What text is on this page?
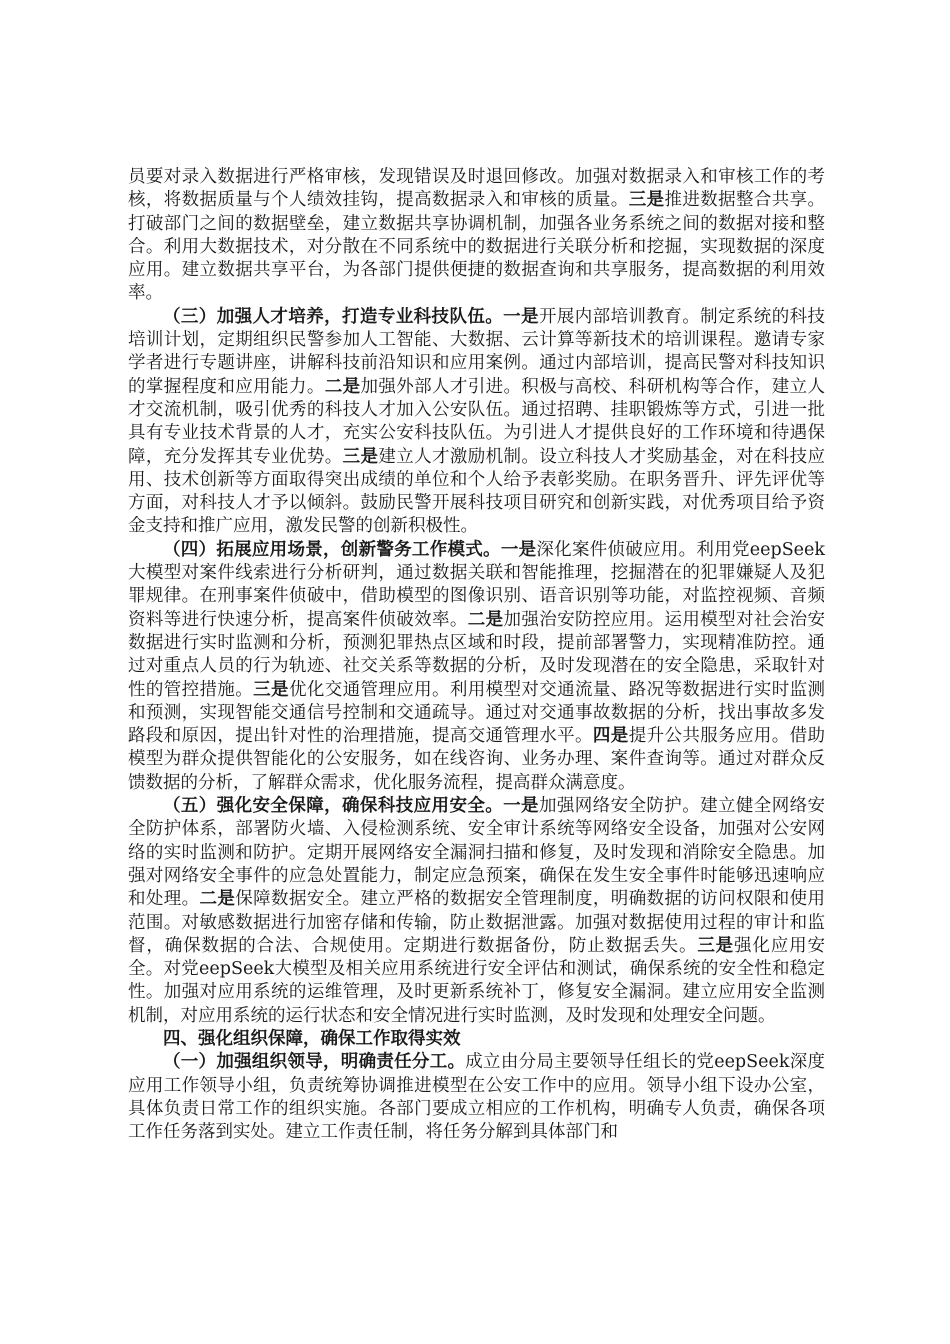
员要对录入数据进行严格审核，发现错误及时退回修改。加强对数据录入和审核工作的考核，将数据质量与个人绩效挂钩，提高数据录入和审核的质量。三是推进数据整合共享。打破部门之间的数据壁垒，建立数据共享协调机制，加强各业务系统之间的数据对接和整合。利用大数据技术，对分散在不同系统中的数据进行关联分析和挖掘，实现数据的深度应用。建立数据共享平台，为各部门提供便捷的数据查询和共享服务，提高数据的利用效率。

（三）加强人才培养，打造专业科技队伍。一是开展内部培训教育。制定系统的科技培训计划，定期组织民警参加人工智能、大数据、云计算等新技术的培训课程。邀请专家学者进行专题讲座，讲解科技前沿知识和应用案例。通过内部培训，提高民警对科技知识的掌握程度和应用能力。二是加强外部人才引进。积极与高校、科研机构等合作，建立人才交流机制，吸引优秀的科技人才加入公安队伍。通过招聘、挂职锻炼等方式，引进一批具有专业技术背景的人才，充实公安科技队伍。为引进人才提供良好的工作环境和待遇保障，充分发挥其专业优势。三是建立人才激励机制。设立科技人才奖励基金，对在科技应用、技术创新等方面取得突出成绩的单位和个人给予表彰奖励。在职务晋升、评先评优等方面，对科技人才予以倾斜。鼓励民警开展科技项目研究和创新实践，对优秀项目给予资金支持和推广应用，激发民警的创新积极性。

（四）拓展应用场景，创新警务工作模式。一是深化案件侦破应用。利用党eepSeek大模型对案件线索进行分析研判，通过数据关联和智能推理，挖掘潜在的犯罪嫌疑人及犯罪规律。在刑事案件侦破中，借助模型的图像识别、语音识别等功能，对监控视频、音频资料等进行快速分析，提高案件侦破效率。二是加强治安防控应用。运用模型对社会治安数据进行实时监测和分析，预测犯罪热点区域和时段，提前部署警力，实现精准防控。通过对重点人员的行为轨迹、社交关系等数据的分析，及时发现潜在的安全隐患，采取针对性的管控措施。三是优化交通管理应用。利用模型对交通流量、路况等数据进行实时监测和预测，实现智能交通信号控制和交通疏导。通过对交通事故数据的分析，找出事故多发路段和原因，提出针对性的治理措施，提高交通管理水平。四是提升公共服务应用。借助模型为群众提供智能化的公安服务，如在线咨询、业务办理、案件查询等。通过对群众反馈数据的分析，了解群众需求，优化服务流程，提高群众满意度。

（五）强化安全保障，确保科技应用安全。一是加强网络安全防护。建立健全网络安全防护体系，部署防火墙、入侵检测系统、安全审计系统等网络安全设备，加强对公安网络的实时监测和防护。定期开展网络安全漏洞扫描和修复，及时发现和消除安全隐患。加强对网络安全事件的应急处置能力，制定应急预案，确保在发生安全事件时能够迅速响应和处理。二是保障数据安全。建立严格的数据安全管理制度，明确数据的访问权限和使用范围。对敏感数据进行加密存储和传输，防止数据泄露。加强对数据使用过程的审计和监督，确保数据的合法、合规使用。定期进行数据备份，防止数据丢失。三是强化应用安全。对党eepSeek大模型及相关应用系统进行安全评估和测试，确保系统的安全性和稳定性。加强对应用系统的运维管理，及时更新系统补丁，修复安全漏洞。建立应用安全监测机制，对应用系统的运行状态和安全情况进行实时监测，及时发现和处理安全问题。

四、强化组织保障，确保工作取得实效

（一）加强组织领导，明确责任分工。成立由分局主要领导任组长的党eepSeek深度应用工作领导小组，负责统筹协调推进模型在公安工作中的应用。领导小组下设办公室，具体负责日常工作的组织实施。各部门要成立相应的工作机构，明确专人负责，确保各项工作任务落到实处。建立工作责任制，将任务分解到具体部门和
